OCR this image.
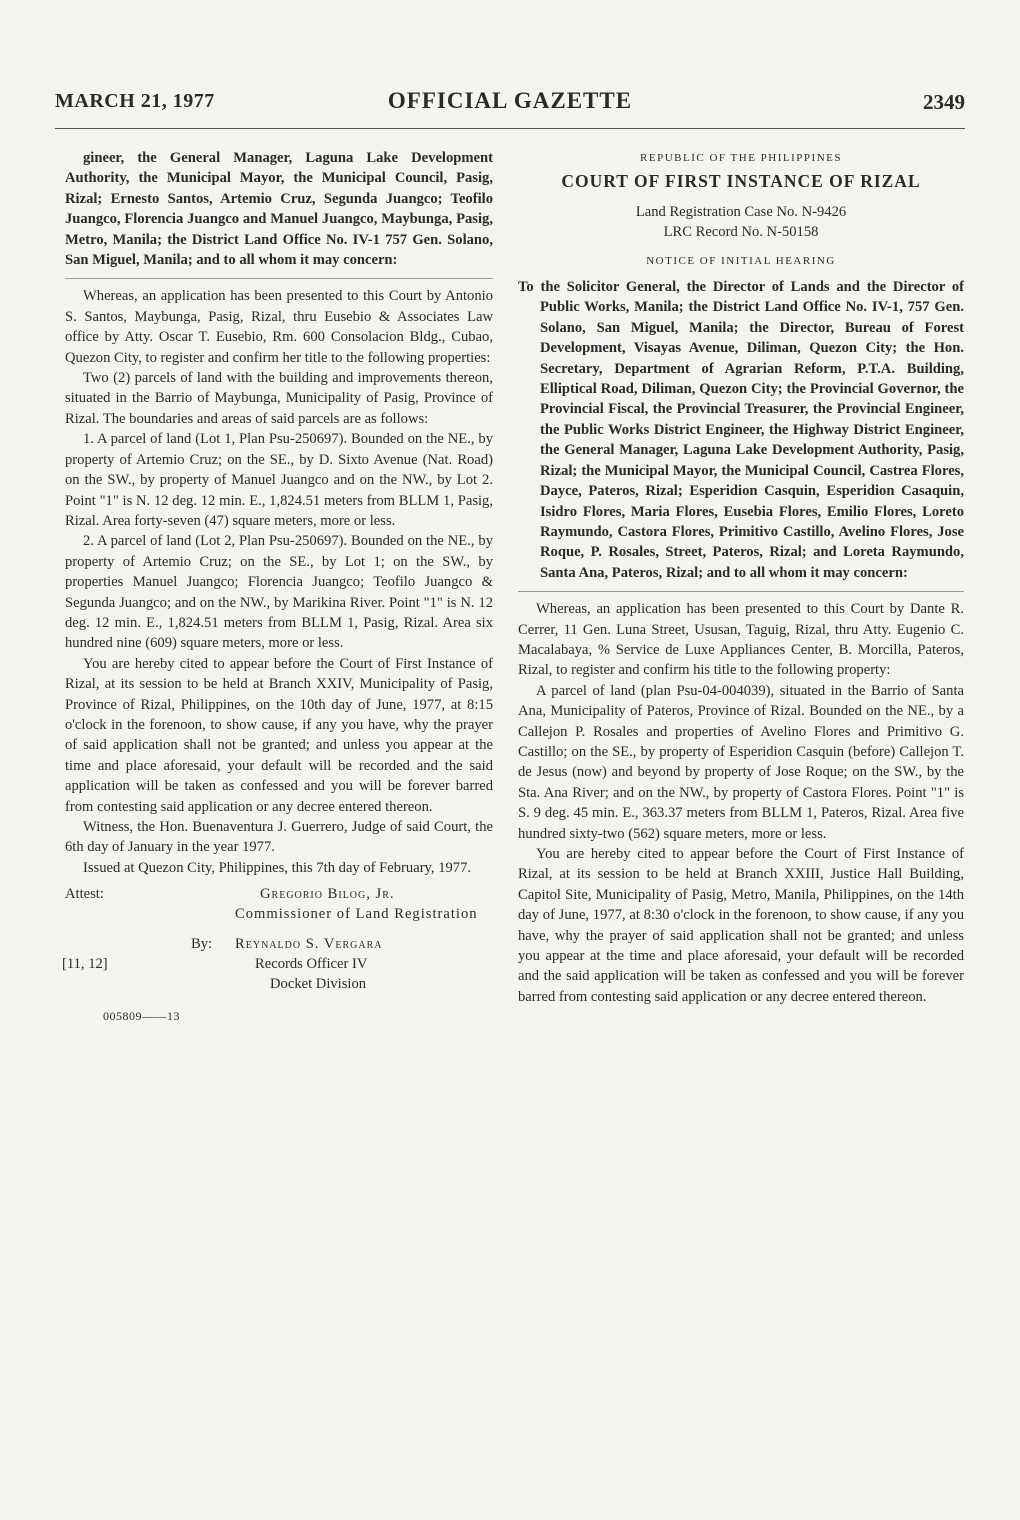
MARCH 21, 1977	OFFICIAL GAZETTE	2349

gineer, the General Manager, Laguna Lake Development Authority, the Municipal Mayor, the Municipal Council, Pasig, Rizal; Ernesto Santos, Artemio Cruz, Segunda Juangco; Teofilo Juangco, Florencia Juangco and Manuel Juangco, Maybunga, Pasig, Metro, Manila; the District Land Office No. IV-1 757 Gen. Solano, San Miguel, Manila; and to all whom it may concern:

Whereas, an application has been presented to this Court by Antonio S. Santos, Maybunga, Pasig, Rizal, thru Eusebio & Associates Law office by Atty. Oscar T. Eusebio, Rm. 600 Consolacion Bldg., Cubao, Quezon City, to register and confirm her title to the following properties:

Two (2) parcels of land with the building and improvements thereon, situated in the Barrio of Maybunga, Municipality of Pasig, Province of Rizal. The boundaries and areas of said parcels are as follows:

1. A parcel of land (Lot 1, Plan Psu-250697). Bounded on the NE., by property of Artemio Cruz; on the SE., by D. Sixto Avenue (Nat. Road) on the SW., by property of Manuel Juangco and on the NW., by Lot 2. Point "1" is N. 12 deg. 12 min. E., 1,824.51 meters from BLLM 1, Pasig, Rizal. Area forty-seven (47) square meters, more or less.

2. A parcel of land (Lot 2, Plan Psu-250697). Bounded on the NE., by property of Artemio Cruz; on the SE., by Lot 1; on the SW., by properties Manuel Juangco; Florencia Juangco; Teofilo Juangco & Segunda Juangco; and on the NW., by Marikina River. Point "1" is N. 12 deg. 12 min. E., 1,824.51 meters from BLLM 1, Pasig, Rizal. Area six hundred nine (609) square meters, more or less.

You are hereby cited to appear before the Court of First Instance of Rizal, at its session to be held at Branch XXIV, Municipality of Pasig, Province of Rizal, Philippines, on the 10th day of June, 1977, at 8:15 o'clock in the forenoon, to show cause, if any you have, why the prayer of said application shall not be granted; and unless you appear at the time and place aforesaid, your default will be recorded and the said application will be taken as confessed and you will be forever barred from contesting said application or any decree entered thereon.

Witness, the Hon. Buenaventura J. Guerrero, Judge of said Court, the 6th day of January in the year 1977.

Issued at Quezon City, Philippines, this 7th day of February, 1977.

Attest:	Gregorio Bilog, Jr.
Commissioner of Land Registration
By: Reynaldo S. Vergara
Records Officer IV
Docket Division
[11, 12]
005809——13
REPUBLIC OF THE PHILIPPINES
COURT OF FIRST INSTANCE OF RIZAL
Land Registration Case No. N-9426
LRC Record No. N-50158
NOTICE OF INITIAL HEARING

To the Solicitor General, the Director of Lands and the Director of Public Works, Manila; the District Land Office No. IV-1, 757 Gen. Solano, San Miguel, Manila; the Director, Bureau of Forest Development, Visayas Avenue, Diliman, Quezon City; the Hon. Secretary, Department of Agrarian Reform, P.T.A. Building, Elliptical Road, Diliman, Quezon City; the Provincial Governor, the Provincial Fiscal, the Provincial Treasurer, the Provincial Engineer, the Public Works District Engineer, the Highway District Engineer, the General Manager, Laguna Lake Development Authority, Pasig, Rizal; the Municipal Mayor, the Municipal Council, Castrea Flores, Dayce, Pateros, Rizal; Esperidion Casquin, Esperidion Casaquin, Isidro Flores, Maria Flores, Eusebia Flores, Emilio Flores, Loreto Raymundo, Castora Flores, Primitivo Castillo, Avelino Flores, Jose Roque, P. Rosales, Street, Pateros, Rizal; and Loreta Raymundo, Santa Ana, Pateros, Rizal; and to all whom it may concern:

Whereas, an application has been presented to this Court by Dante R. Cerrer, 11 Gen. Luna Street, Ususan, Taguig, Rizal, thru Atty. Eugenio C. Macalabaya, % Service de Luxe Appliances Center, B. Morcilla, Pateros, Rizal, to register and confirm his title to the following property:

A parcel of land (plan Psu-04-004039), situated in the Barrio of Santa Ana, Municipality of Pateros, Province of Rizal. Bounded on the NE., by a Callejon P. Rosales and properties of Avelino Flores and Primitivo G. Castillo; on the SE., by property of Esperidion Casquin (before) Callejon T. de Jesus (now) and beyond by property of Jose Roque; on the SW., by the Sta. Ana River; and on the NW., by property of Castora Flores. Point "1" is S. 9 deg. 45 min. E., 363.37 meters from BLLM 1, Pateros, Rizal. Area five hundred sixty-two (562) square meters, more or less.

You are hereby cited to appear before the Court of First Instance of Rizal, at its session to be held at Branch XXIII, Justice Hall Building, Capitol Site, Municipality of Pasig, Metro, Manila, Philippines, on the 14th day of June, 1977, at 8:30 o'clock in the forenoon, to show cause, if any you have, why the prayer of said application shall not be granted; and unless you appear at the time and place aforesaid, your default will be recorded and the said application will be taken as confessed and you will be forever barred from contesting said application or any decree entered thereon.
